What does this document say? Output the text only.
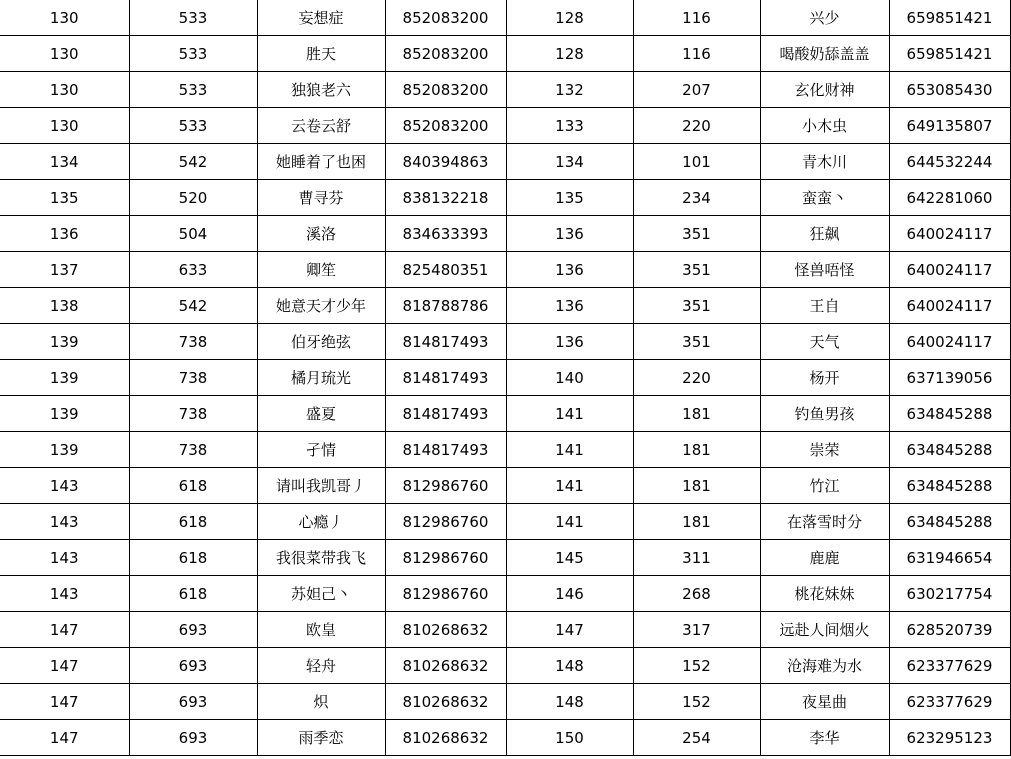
130	533	妄想症	852083200	128	116	兴少	659851421
130	533	胜天	852083200	128	116	喝酸奶舔盖盖	659851421
130	533	独狼老六	852083200	132	207	玄化财神	653085430
130	533	云卷云舒	852083200	133	220	小木虫	649135807
134	542	她睡着了也困	840394863	134	101	青木川	644532244
135	520	曹寻芬	838132218	135	234	蛮蛮丶	642281060
136	504	溪洛	834633393	136	351	狂飙	640024117
137	633	卿笙	825480351	136	351	怪兽唔怪	640024117
138	542	她意天才少年	818788786	136	351	王自	640024117
139	738	伯牙绝弦	814817493	136	351	天气	640024117
139	738	橘月琉光	814817493	140	220	杨开	637139056
139	738	盛夏	814817493	141	181	钓鱼男孩	634845288
139	738	孑情	814817493	141	181	崇荣	634845288
143	618	请叫我凯哥丿	812986760	141	181	竹江	634845288
143	618	心瘾丿	812986760	141	181	在落雪时分	634845288
143	618	我很菜带我飞	812986760	145	311	鹿鹿	631946654
143	618	苏妲己丶	812986760	146	268	桃花妹妹	630217754
147	693	欧皇	810268632	147	317	远赴人间烟火	628520739
147	693	轻舟	810268632	148	152	沧海难为水	623377629
147	693	炽	810268632	148	152	夜星曲	623377629
147	693	雨季恋	810268632	150	254	李华	623295123
